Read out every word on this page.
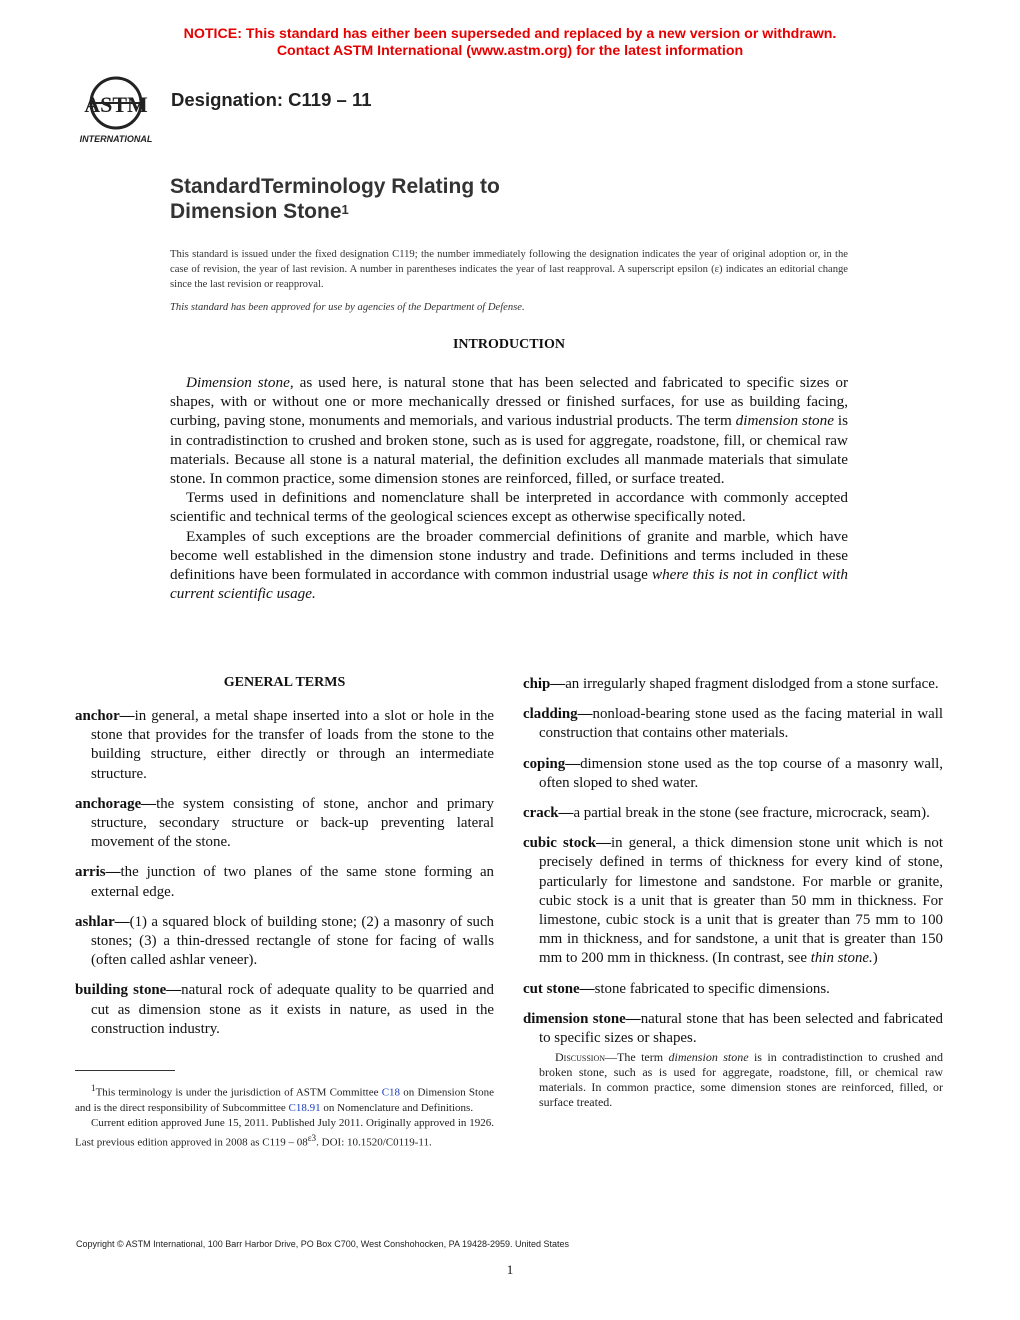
NOTICE: This standard has either been superseded and replaced by a new version or withdrawn.
Contact ASTM International (www.astm.org) for the latest information
ASTM
INTERNATIONAL
Designation: C119 – 11
StandardTerminology Relating to
Dimension Stone$^1$
This standard is issued under the fixed designation C119; the number immediately following the designation indicates the year of original adoption or, in the case of revision, the year of last revision. A number in parentheses indicates the year of last reapproval. A superscript epsilon (ε) indicates an editorial change since the last revision or reapproval.
This standard has been approved for use by agencies of the Department of Defense.
INTRODUCTION

Dimension stone, as used here, is natural stone that has been selected and fabricated to specific sizes or shapes, with or without one or more mechanically dressed or finished surfaces, for use as building facing, curbing, paving stone, monuments and memorials, and various industrial products. The term dimension stone is in contradistinction to crushed and broken stone, such as is used for aggregate, roadstone, fill, or chemical raw materials. Because all stone is a natural material, the definition excludes all manmade materials that simulate stone. In common practice, some dimension stones are reinforced, filled, or surface treated.

Terms used in definitions and nomenclature shall be interpreted in accordance with commonly accepted scientific and technical terms of the geological sciences except as otherwise specifically noted.

Examples of such exceptions are the broader commercial definitions of granite and marble, which have become well established in the dimension stone industry and trade. Definitions and terms included in these definitions have been formulated in accordance with common industrial usage where this is not in conflict with current scientific usage.

GENERAL TERMS
anchor—in general, a metal shape inserted into a slot or hole in the stone that provides for the transfer of loads from the stone to the building structure, either directly or through an intermediate structure.
anchorage—the system consisting of stone, anchor and primary structure, secondary structure or back-up preventing lateral movement of the stone.
arris—the junction of two planes of the same stone forming an external edge.
ashlar—(1) a squared block of building stone; (2) a masonry of such stones; (3) a thin-dressed rectangle of stone for facing of walls (often called ashlar veneer).
building stone—natural rock of adequate quality to be quarried and cut as dimension stone as it exists in nature, as used in the construction industry.
chip—an irregularly shaped fragment dislodged from a stone surface.
cladding—nonload-bearing stone used as the facing material in wall construction that contains other materials.
coping—dimension stone used as the top course of a masonry wall, often sloped to shed water.
crack—a partial break in the stone (see fracture, microcrack, seam).
cubic stock—in general, a thick dimension stone unit which is not precisely defined in terms of thickness for every kind of stone, particularly for limestone and sandstone. For marble or granite, cubic stock is a unit that is greater than 50 mm in thickness. For limestone, cubic stock is a unit that is greater than 75 mm to 100 mm in thickness, and for sandstone, a unit that is greater than 150 mm to 200 mm in thickness. (In contrast, see thin stone.)
cut stone—stone fabricated to specific dimensions.
dimension stone—natural stone that has been selected and fabricated to specific sizes or shapes.
Discussion—The term dimension stone is in contradistinction to crushed and broken stone, such as is used for aggregate, roadstone, fill, or chemical raw materials. In common practice, some dimension stones are reinforced, filled, or surface treated.

$^1$This terminology is under the jurisdiction of ASTM Committee C18 on Dimension Stone and is the direct responsibility of Subcommittee C18.91 on Nomenclature and Definitions.

Current edition approved June 15, 2011. Published July 2011. Originally approved in 1926. Last previous edition approved in 2008 as $C119 - 08^{\varepsilon 3}$. DOI: 10.1520/C0119-11.

Copyright © ASTM International, 100 Barr Harbor Drive, PO Box C700, West Conshohocken, PA 19428-2959. United States
1
